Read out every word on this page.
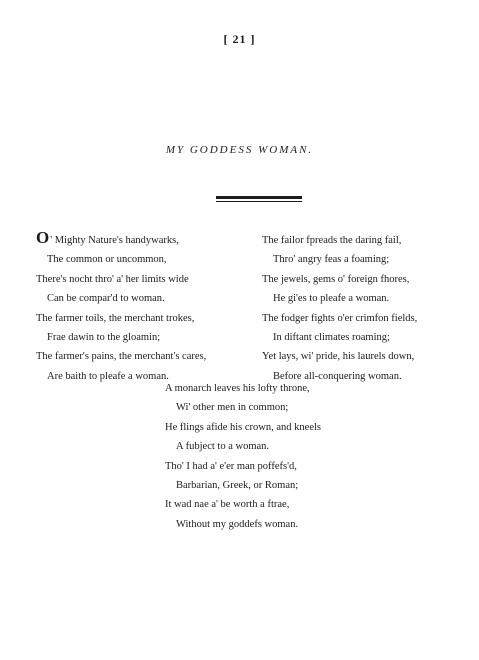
[ 21 ]
MY GODDESS WOMAN.
O' Mighty Nature's handywarks,
The common or uncommon,
There's nocht thro' a' her limits wide
Can be compar'd to woman.
The farmer toils, the merchant trokes,
Frae dawin to the gloamin;
The farmer's pains, the merchant's cares,
Are baith to pleafe a woman.
The failor fpreads the daring fail,
Thro' angry feas a foaming;
The jewels, gems o' foreign fhores,
He gi'es to pleafe a woman.
The fodger fights o'er crimfon fields,
In diftant climates roaming;
Yet lays, wi' pride, his laurels down,
Before all-conquering woman.
A monarch leaves his lofty throne,
Wi' other men in common;
He flings afide his crown, and kneels
A fubject to a woman.
Tho' I had a' e'er man poffefs'd,
Barbarian, Greek, or Roman;
It wad nae a' be worth a ftrae,
Without my goddefs woman.
